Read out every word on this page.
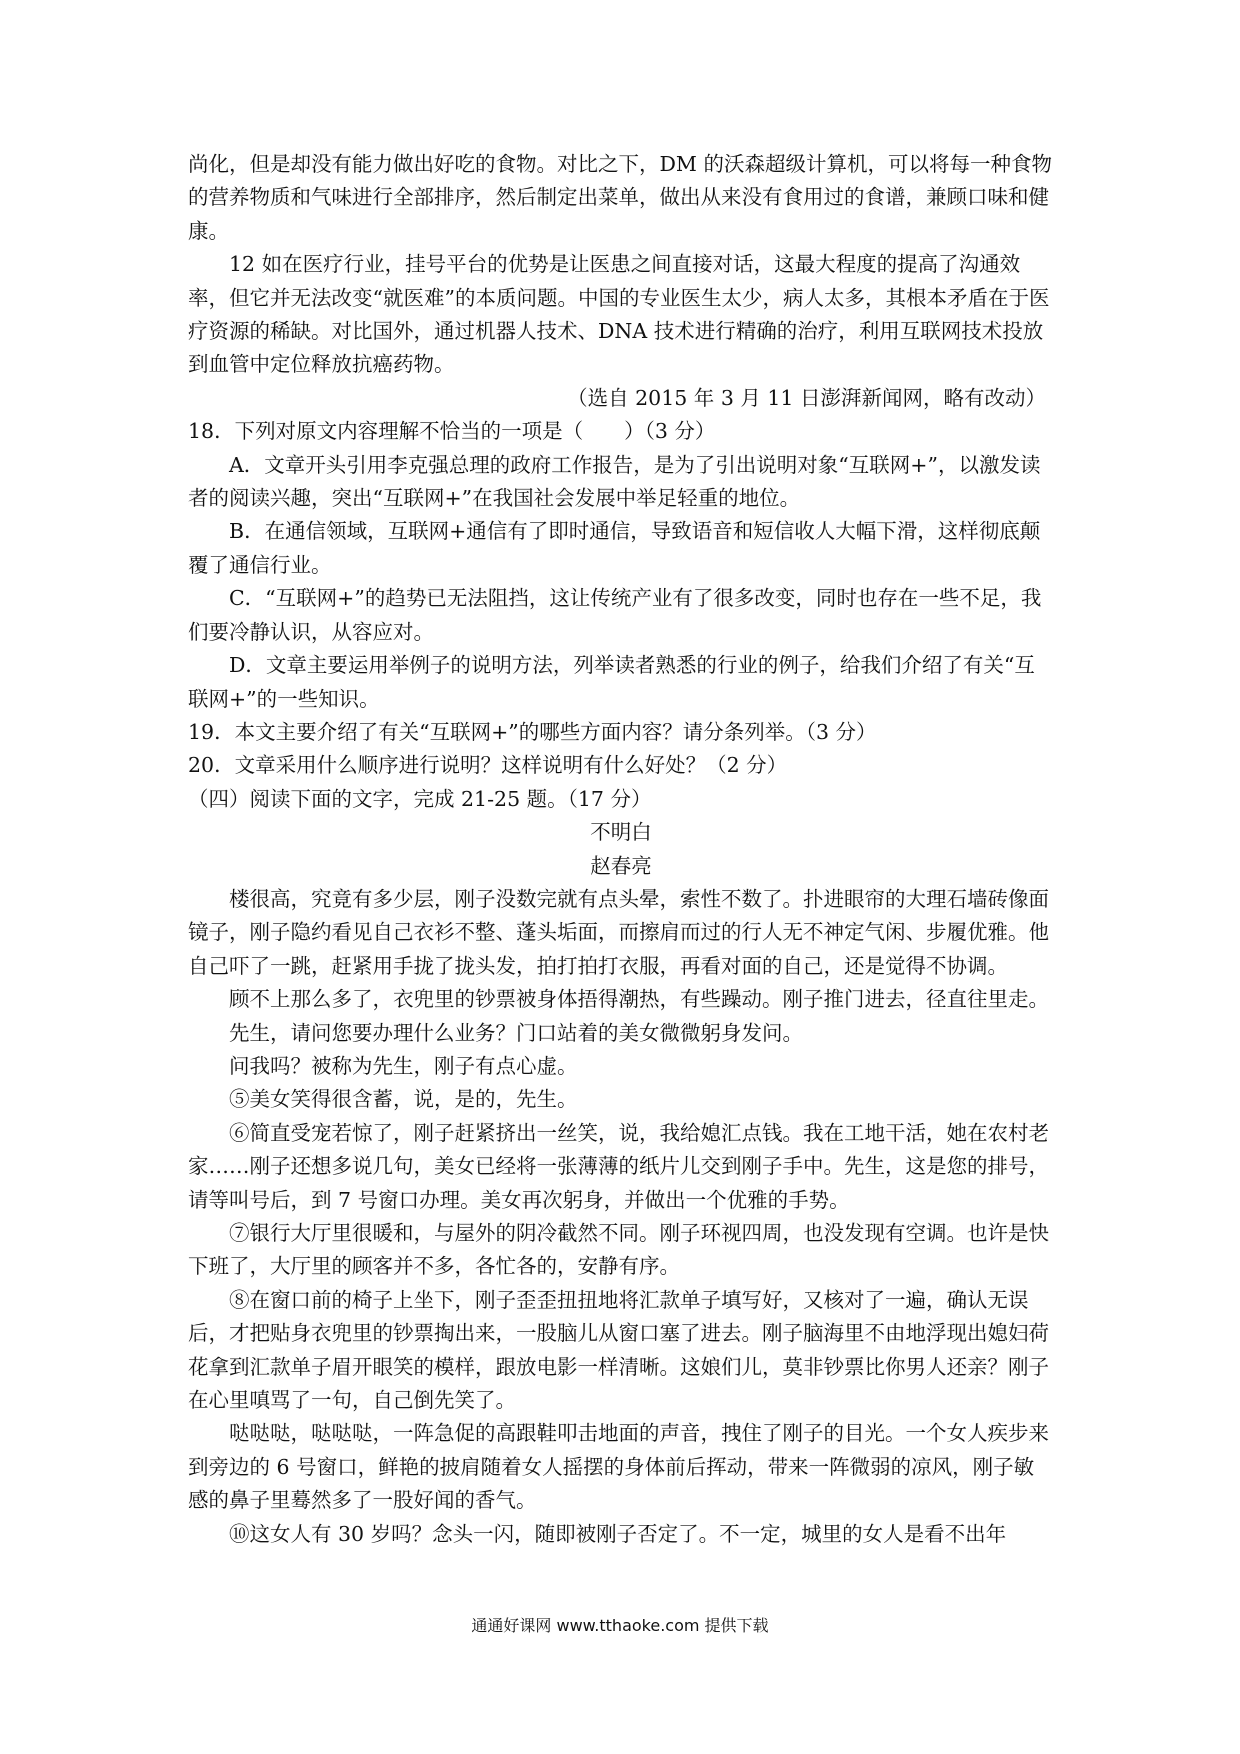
尚化，但是却没有能力做出好吃的食物。对比之下，DM 的沃森超级计算机，可以将每一种食物的营养物质和气味进行全部排序，然后制定出菜单，做出从来没有食用过的食谱，兼顾口味和健康。

12 如在医疗行业，挂号平台的优势是让医患之间直接对话，这最大程度的提高了沟通效率，但它并无法改变“就医难”的本质问题。中国的专业医生太少，病人太多，其根本矛盾在于医疗资源的稀缺。对比国外，通过机器人技术、DNA 技术进行精确的治疗，利用互联网技术投放到血管中定位释放抗癌药物。

（选自 2015 年 3 月 11 日澎湃新闻网，略有改动）

18．下列对原文内容理解不恰当的一项是（　　）（3 分）

A．文章开头引用李克强总理的政府工作报告，是为了引出说明对象“互联网+”，以激发读者的阅读兴趣，突出“互联网+”在我国社会发展中举足轻重的地位。

B．在通信领域，互联网+通信有了即时通信，导致语音和短信收人大幅下滑，这样彻底颠覆了通信行业。

C．“互联网+”的趋势已无法阻挡，这让传统产业有了很多改变，同时也存在一些不足，我们要冷静认识，从容应对。

D．文章主要运用举例子的说明方法，列举读者熟悉的行业的例子，给我们介绍了有关“互联网+”的一些知识。

19．本文主要介绍了有关“互联网+”的哪些方面内容？请分条列举。（3 分）

20．文章采用什么顺序进行说明？这样说明有什么好处？（2 分）

（四）阅读下面的文字，完成 21-25 题。（17 分）

不明白

赵春亮

楼很高，究竟有多少层，刚子没数完就有点头晕，索性不数了。扑进眼帘的大理石墙砖像面镜子，刚子隐约看见自己衣衫不整、蓬头垢面，而擦肩而过的行人无不神定气闲、步履优雅。他自己吓了一跳，赶紧用手拢了拢头发，拍打拍打衣服，再看对面的自己，还是觉得不协调。

顾不上那么多了，衣兜里的钞票被身体捂得潮热，有些躁动。刚子推门进去，径直往里走。

先生，请问您要办理什么业务？门口站着的美女微微躬身发问。

问我吗？被称为先生，刚子有点心虚。

⑤美女笑得很含蓄，说，是的，先生。

⑥简直受宠若惊了，刚子赶紧挤出一丝笑，说，我给媳汇点钱。我在工地干活，她在农村老家……刚子还想多说几句，美女已经将一张薄薄的纸片儿交到刚子手中。先生，这是您的排号，请等叫号后，到 7 号窗口办理。美女再次躬身，并做出一个优雅的手势。

⑦银行大厅里很暖和，与屋外的阴冷截然不同。刚子环视四周，也没发现有空调。也许是快下班了，大厅里的顾客并不多，各忙各的，安静有序。

⑧在窗口前的椅子上坐下，刚子歪歪扭扭地将汇款单子填写好，又核对了一遍，确认无误后，才把贴身衣兜里的钞票掏出来，一股脑儿从窗口塞了进去。刚子脑海里不由地浮现出媳妇荷花拿到汇款单子眉开眼笑的模样，跟放电影一样清晰。这娘们儿，莫非钞票比你男人还亲？刚子在心里嗔骂了一句，自己倒先笑了。

哒哒哒，哒哒哒，一阵急促的高跟鞋叩击地面的声音，拽住了刚子的目光。一个女人疾步来到旁边的 6 号窗口，鲜艳的披肩随着女人摇摆的身体前后挥动，带来一阵微弱的凉风，刚子敏感的鼻子里蓦然多了一股好闻的香气。

⑩这女人有 30 岁吗？念头一闪，随即被刚子否定了。不一定，城里的女人是看不出年

通通好课网 www.tthaoke.com 提供下载
